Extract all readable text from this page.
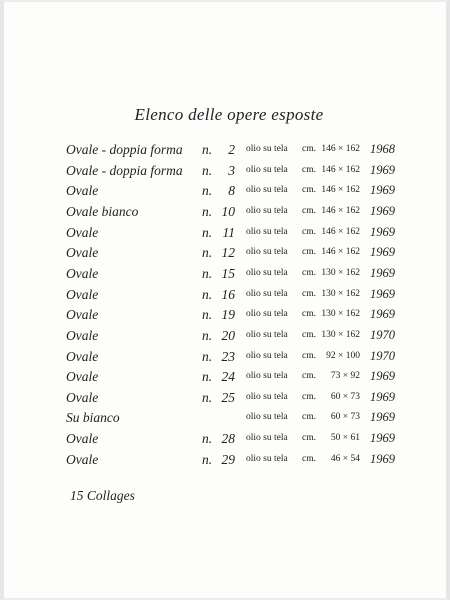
Elenco delle opere esposte
Ovale - doppia forma n.	2 olio su tela cm. 146 × 162 1968
Ovale - doppia forma n.	3 olio su tela cm. 146 × 162 1969
Ovale	n.	8 olio su tela cm. 146 × 162 1969
Ovale bianco	n. 10 olio su tela cm. 146 × 162 1969
Ovale	n. 11 olio su tela cm. 146 × 162 1969
Ovale	n. 12 olio su tela cm. 146 × 162 1969
Ovale	n. 15 olio su tela cm. 130 × 162 1969
Ovale	n. 16 olio su tela cm. 130 × 162 1969
Ovale	n. 19 olio su tela cm. 130 × 162 1969
Ovale	n. 20 olio su tela cm. 130 × 162 1970
Ovale	n. 23 olio su tela cm.	92 × 100 1970
Ovale	n. 24 olio su tela cm.	73 × 92 1969
Ovale	n. 25 olio su tela cm.	60 × 73 1969
Su bianco	olio su tela cm.	60 × 73 1969
Ovale	n. 28 olio su tela cm.	50 × 61 1969
Ovale	n. 29 olio su tela cm.	46 × 54 1969
15 Collages
